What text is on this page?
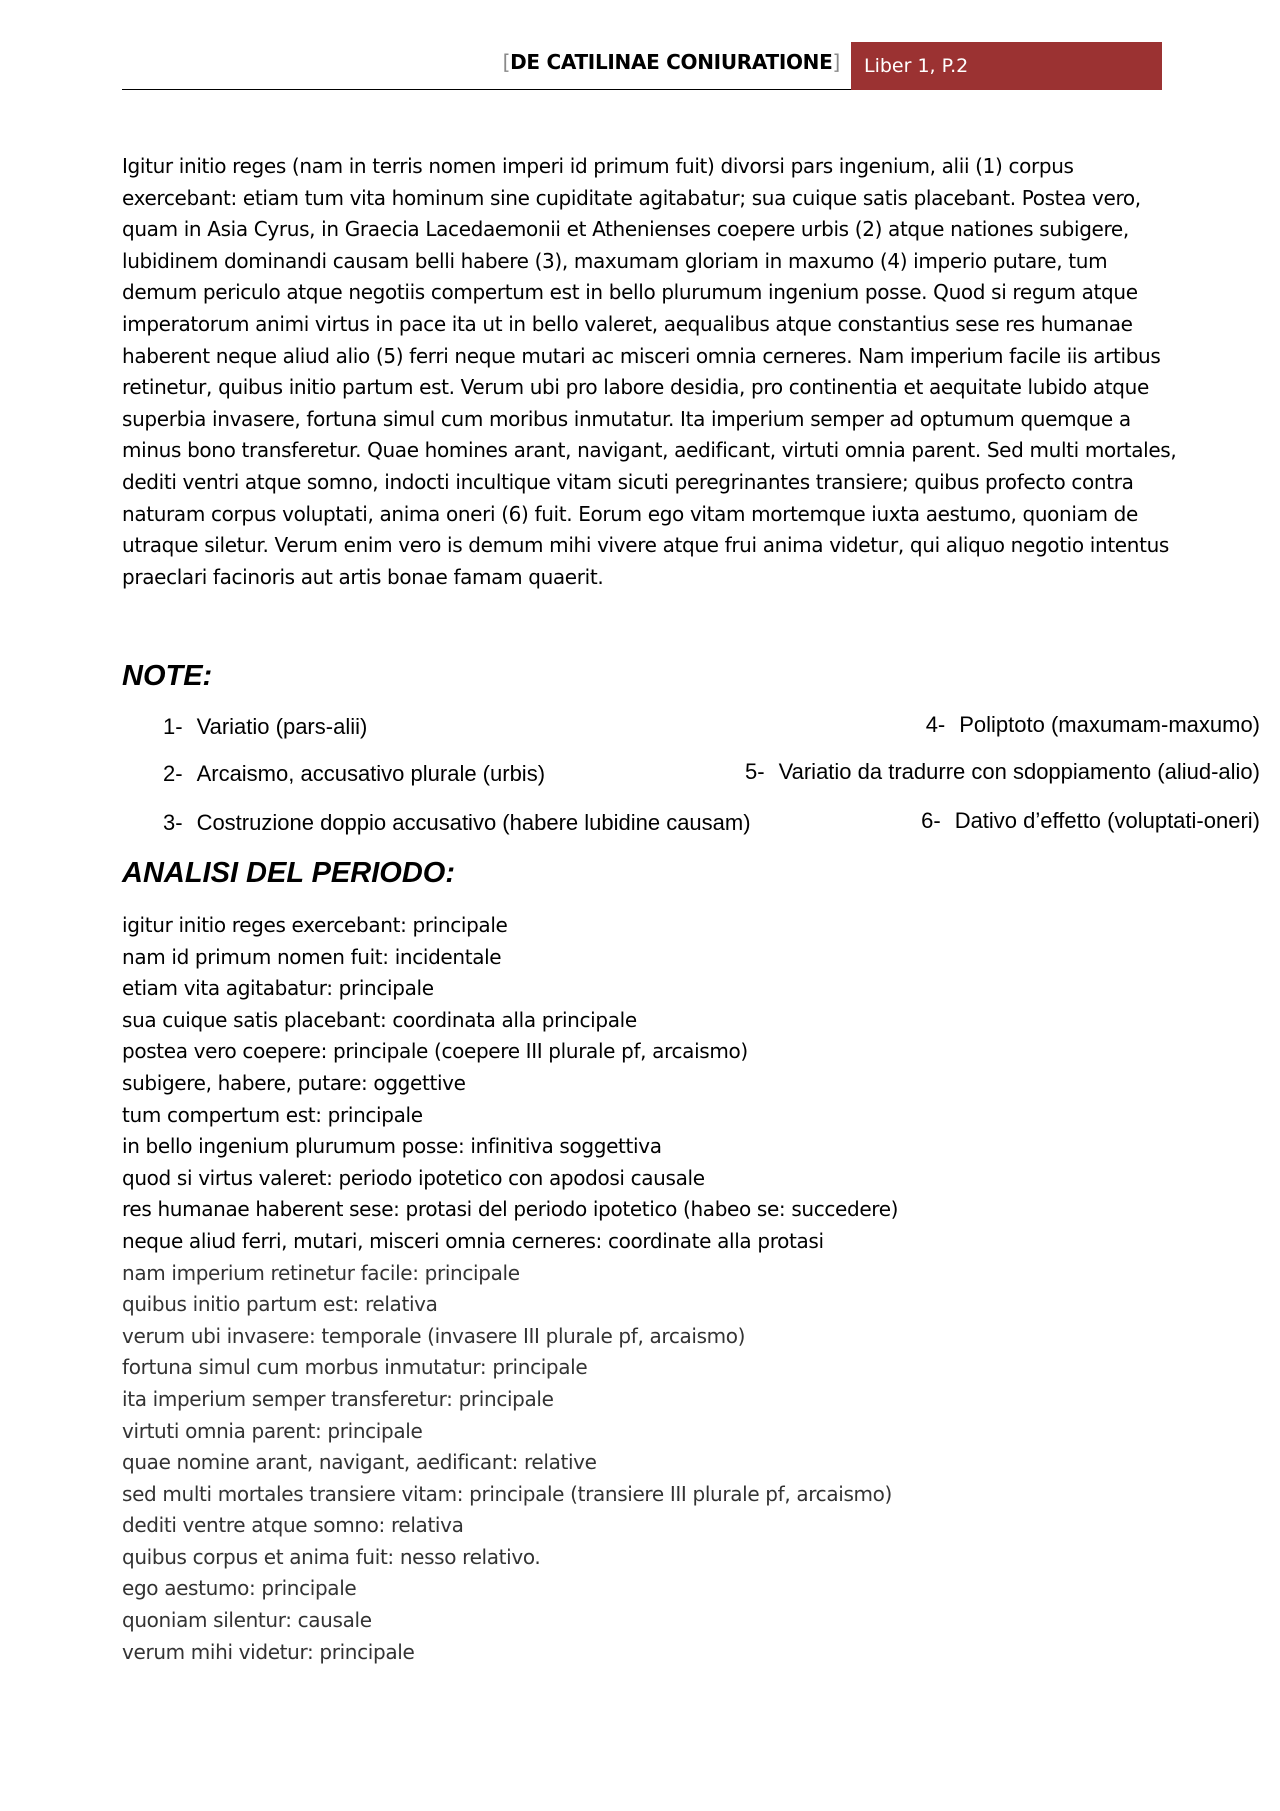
[DE CATILINAE CONIURATIONE]	Liber 1, P.2

Igitur initio reges (nam in terris nomen imperi id primum fuit) divorsi pars ingenium, alii (1) corpus exercebant: etiam tum vita hominum sine cupiditate agitabatur; sua cuique satis placebant. Postea vero, quam in Asia Cyrus, in Graecia Lacedaemonii et Athenienses coepere urbis (2) atque nationes subigere, lubidinem dominandi causam belli habere (3), maxumam gloriam in maxumo (4) imperio putare, tum demum periculo atque negotiis compertum est in bello plurumum ingenium posse. Quod si regum atque imperatorum animi virtus in pace ita ut in bello valeret, aequalibus atque constantius sese res humanae haberent neque aliud alio (5) ferri neque mutari ac misceri omnia cerneres. Nam imperium facile iis artibus retinetur, quibus initio partum est. Verum ubi pro labore desidia, pro continentia et aequitate lubido atque superbia invasere, fortuna simul cum moribus inmutatur. Ita imperium semper ad optumum quemque a minus bono transferetur. Quae homines arant, navigant, aedificant, virtuti omnia parent. Sed multi mortales, dediti ventri atque somno, indocti incultique vitam sicuti peregrinantes transiere; quibus profecto contra naturam corpus voluptati, anima oneri (6) fuit. Eorum ego vitam mortemque iuxta aestumo, quoniam de utraque siletur. Verum enim vero is demum mihi vivere atque frui anima videtur, qui aliquo negotio intentus praeclari facinoris aut artis bonae famam quaerit.

NOTE:
1- Variatio (pars-alii)
2- Arcaismo, accusativo plurale (urbis)
3- Costruzione doppio accusativo (habere lubidine causam)
4- Poliptoto (maxumam-maxumo)
5- Variatio da tradurre con sdoppiamento (aliud-alio)
6- Dativo d’effetto (voluptati-oneri)
ANALISI DEL PERIODO:
igitur initio reges exercebant: principale
nam id primum nomen fuit: incidentale
etiam vita agitabatur: principale
sua cuique satis placebant: coordinata alla principale
postea vero coepere: principale (coepere III plurale pf, arcaismo)
subigere, habere, putare: oggettive
tum compertum est: principale
in bello ingenium plurumum posse: infinitiva soggettiva
quod si virtus valeret: periodo ipotetico con apodosi causale
res humanae haberent sese: protasi del periodo ipotetico (habeo se: succedere)
neque aliud ferri, mutari, misceri omnia cerneres: coordinate alla protasi
nam imperium retinetur facile: principale
quibus initio partum est: relativa
verum ubi invasere: temporale (invasere III plurale pf, arcaismo)
fortuna simul cum morbus inmutatur: principale
ita imperium semper transferetur: principale
virtuti omnia parent: principale
quae nomine arant, navigant, aedificant: relative
sed multi mortales transiere vitam: principale (transiere III plurale pf, arcaismo)
dediti ventre atque somno: relativa
quibus corpus et anima fuit: nesso relativo.
ego aestumo: principale
quoniam silentur: causale
verum mihi videtur: principale
